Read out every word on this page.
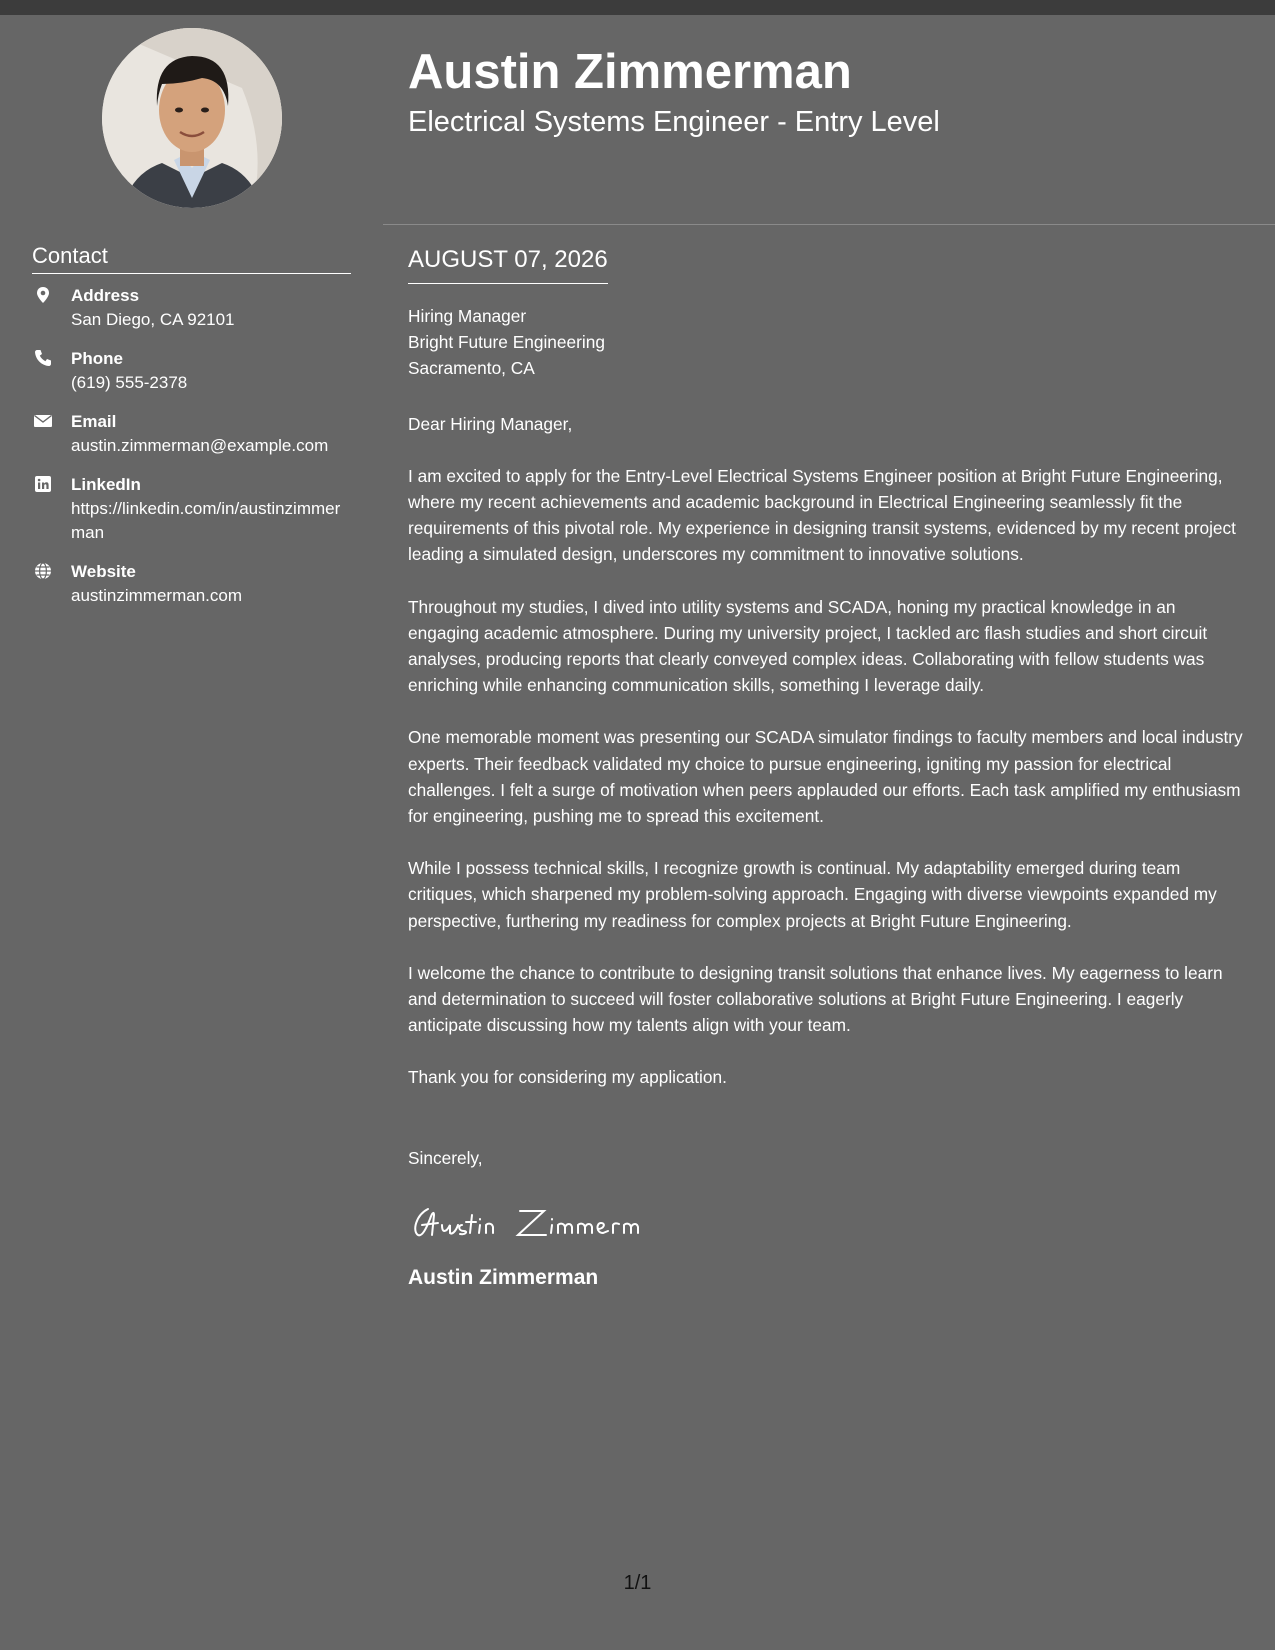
Contact
Address
San Diego, CA 92101
Phone
(619) 555-2378
Email
austin.zimmerman@example.com
LinkedIn
https://linkedin.com/in/austinzimmerman
Website
austinzimmerman.com
Austin Zimmerman
Electrical Systems Engineer - Entry Level
AUGUST 07, 2026
Hiring Manager
Bright Future Engineering
Sacramento, CA
Dear Hiring Manager,
I am excited to apply for the Entry-Level Electrical Systems Engineer position at Bright Future Engineering, where my recent achievements and academic background in Electrical Engineering seamlessly fit the requirements of this pivotal role. My experience in designing transit systems, evidenced by my recent project leading a simulated design, underscores my commitment to innovative solutions.
Throughout my studies, I dived into utility systems and SCADA, honing my practical knowledge in an engaging academic atmosphere. During my university project, I tackled arc flash studies and short circuit analyses, producing reports that clearly conveyed complex ideas. Collaborating with fellow students was enriching while enhancing communication skills, something I leverage daily.
One memorable moment was presenting our SCADA simulator findings to faculty members and local industry experts. Their feedback validated my choice to pursue engineering, igniting my passion for electrical challenges. I felt a surge of motivation when peers applauded our efforts. Each task amplified my enthusiasm for engineering, pushing me to spread this excitement.
While I possess technical skills, I recognize growth is continual. My adaptability emerged during team critiques, which sharpened my problem-solving approach. Engaging with diverse viewpoints expanded my perspective, furthering my readiness for complex projects at Bright Future Engineering.
I welcome the chance to contribute to designing transit solutions that enhance lives. My eagerness to learn and determination to succeed will foster collaborative solutions at Bright Future Engineering. I eagerly anticipate discussing how my talents align with your team.
Thank you for considering my application.
Sincerely,
Austin Zimmerman
1/1
